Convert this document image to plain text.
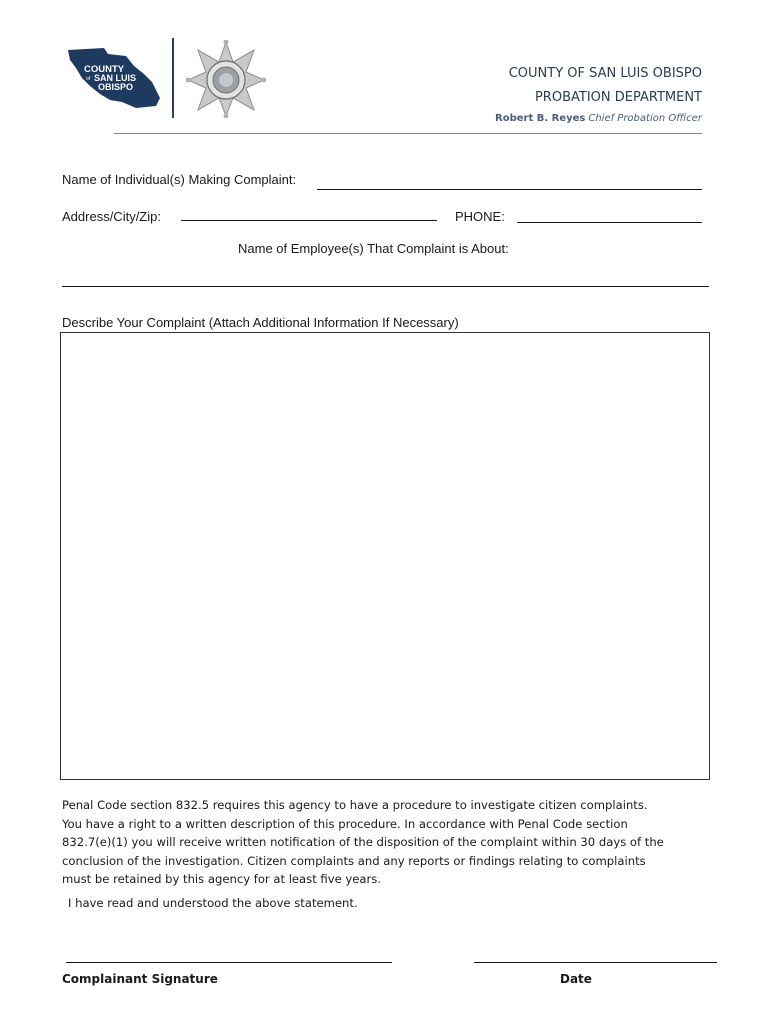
COUNTY
of SAN LUIS
OBISPO
COUNTY OF SAN LUIS OBISPO
PROBATION DEPARTMENT
Robert B. Reyes Chief Probation Officer
Name of Individual(s) Making Complaint:
Address/City/Zip:	PHONE:
Name of Employee(s) That Complaint is About:
Describe Your Complaint (Attach Additional Information If Necessary)
Penal Code section 832.5 requires this agency to have a procedure to investigate citizen complaints.
You have a right to a written description of this procedure. In accordance with Penal Code section
832.7(e)(1) you will receive written notification of the disposition of the complaint within 30 days of the
conclusion of the investigation. Citizen complaints and any reports or findings relating to complaints
must be retained by this agency for at least five years.
I have read and understood the above statement.
Complainant Signature	Date
